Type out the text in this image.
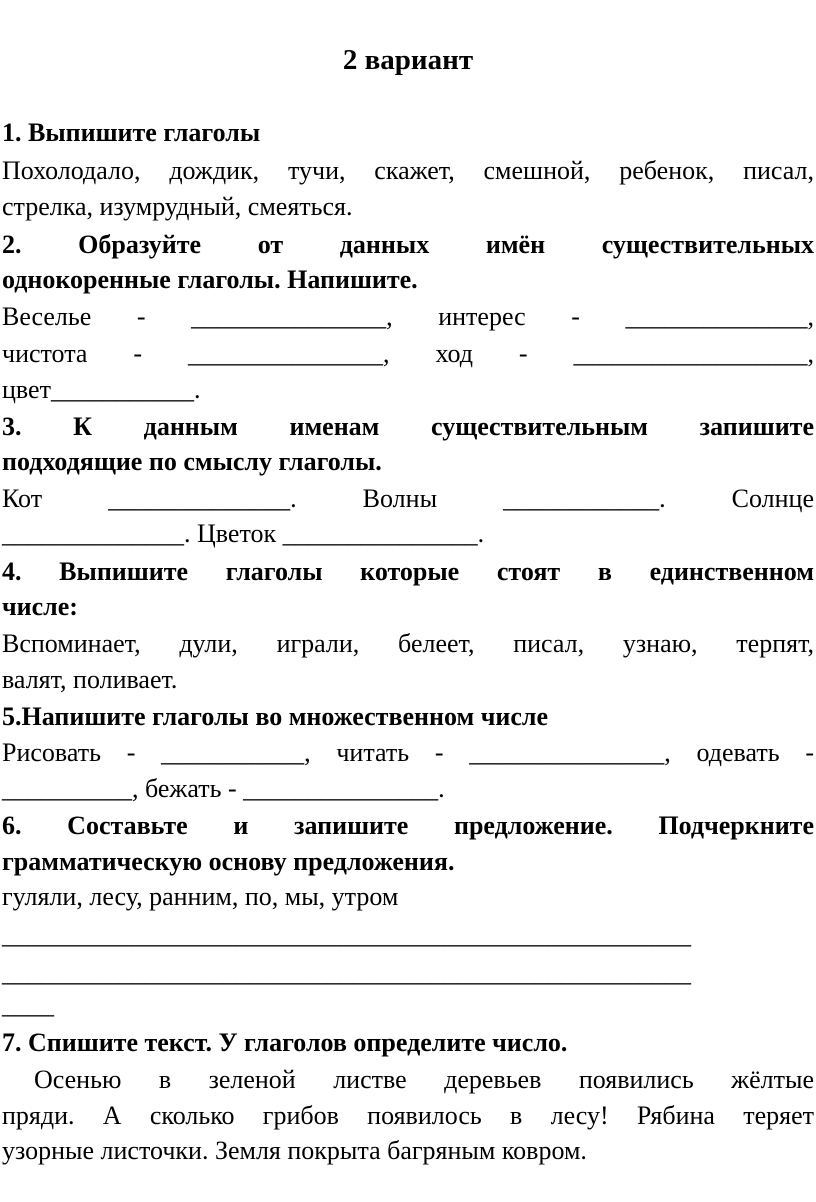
2 вариант
1. Выпишите глаголы
Похолодало, дождик, тучи, скажет, смешной, ребенок, писал,
стрелка, изумрудный, смеяться.
2. Образуйте от данных имён существительных
однокоренные глаголы. Напишите.
Веселье - _______________, интерес - ______________,
чистота - _______________, ход - __________________,
цвет___________.
3. К данным именам существительным запишите
подходящие по смыслу глаголы.
Кот ______________. Волны ____________. Солнце
______________. Цветок _______________.
4. Выпишите глаголы которые стоят в единственном
числе:
Вспоминает, дули, играли, белеет, писал, узнаю, терпят,
валят, поливает.
5.Напишите глаголы во множественном числе
Рисовать - ___________, читать - _______________, одевать -
__________, бежать - _______________.
6. Составьте и запишите предложение. Подчеркните
грамматическую основу предложения.
гуляли, лесу, ранним, по, мы, утром
_____________________________________________________
_____________________________________________________
____
7. Спишите текст. У глаголов определите число.
Осенью в зеленой листве деревьев появились жёлтые
пряди. А сколько грибов появилось в лесу! Рябина теряет
узорные листочки. Земля покрыта багряным ковром.
